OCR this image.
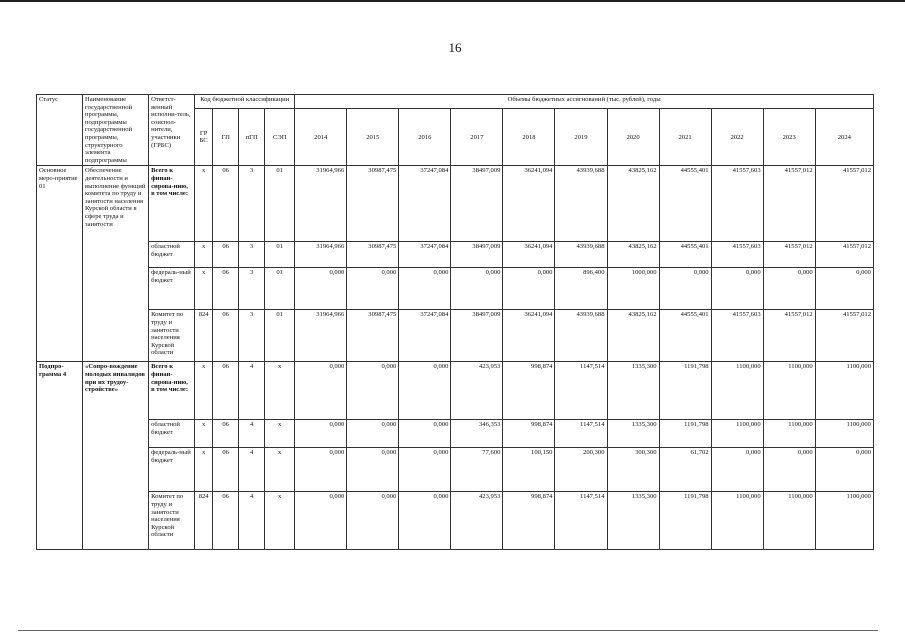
16
Статус	Наименование государственной программы, подпрограммы государственной программы, структурного элемента подпрограммы	Ответст-венный исполни-тель, соиспол-нители, участники (ГРБС)	Код бюджетной классификации				Объемы бюджетных ассигнований (тыс. рублей), годы										
			ГР БС	ГП	пГП	СЭП	2014	2015	2016	2017	2018	2019	2020	2021	2022	2023	2024
Основное меро-приятие 01	Обеспечение деятельности и выполнение функций комитета по труду и занятости населения Курской области в сфере труда и занятости	Всего к финан-сирова-нию, в том числе:	х	06	3	01	31964,966	30987,475	37247,084	38497,009	36241,094	43939,688	43825,162	44555,401	41557,603	41557,012	41557,012
		областной бюджет	х	06	3	01	31964,966	30987,475	37247,084	38497,009	36241,094	43939,688	43825,162	44555,401	41557,603	41557,012	41557,012
		федераль-ный бюджет	х	06	3	01	0,000	0,000	0,000	0,000	0,000	896,400	1000,000	0,000	0,000	0,000	0,000
		Комитет по труду и занятости населения Курской области	824	06	3	01	31964,966	30987,475	37247,084	38497,009	36241,094	43939,688	43825,162	44555,401	41557,603	41557,012	41557,012
Подпро-грамма 4	«Сопро-вождение молодых инвалидов при их трудоу-стройстве»	Всего к финан-сирова-нию, в том числе:	х	06	4	х	0,000	0,000	0,000	423,953	998,874	1147,514	1335,300	1191,798	1100,000	1100,000	1100,000
		областной бюджет	х	06	4	х	0,000	0,000	0,000	346,353	998,874	1147,514	1335,300	1191,798	1100,000	1100,000	1100,000
		федераль-ный бюджет	х	06	4	х	0,000	0,000	0,000	77,600	100,150	200,300	300,300	61,702	0,000	0,000	0,000
		Комитет по труду и занятости населения Курской области	824	06	4	х	0,000	0,000	0,000	423,953	998,874	1147,514	1335,300	1191,798	1100,000	1100,000	1100,000
